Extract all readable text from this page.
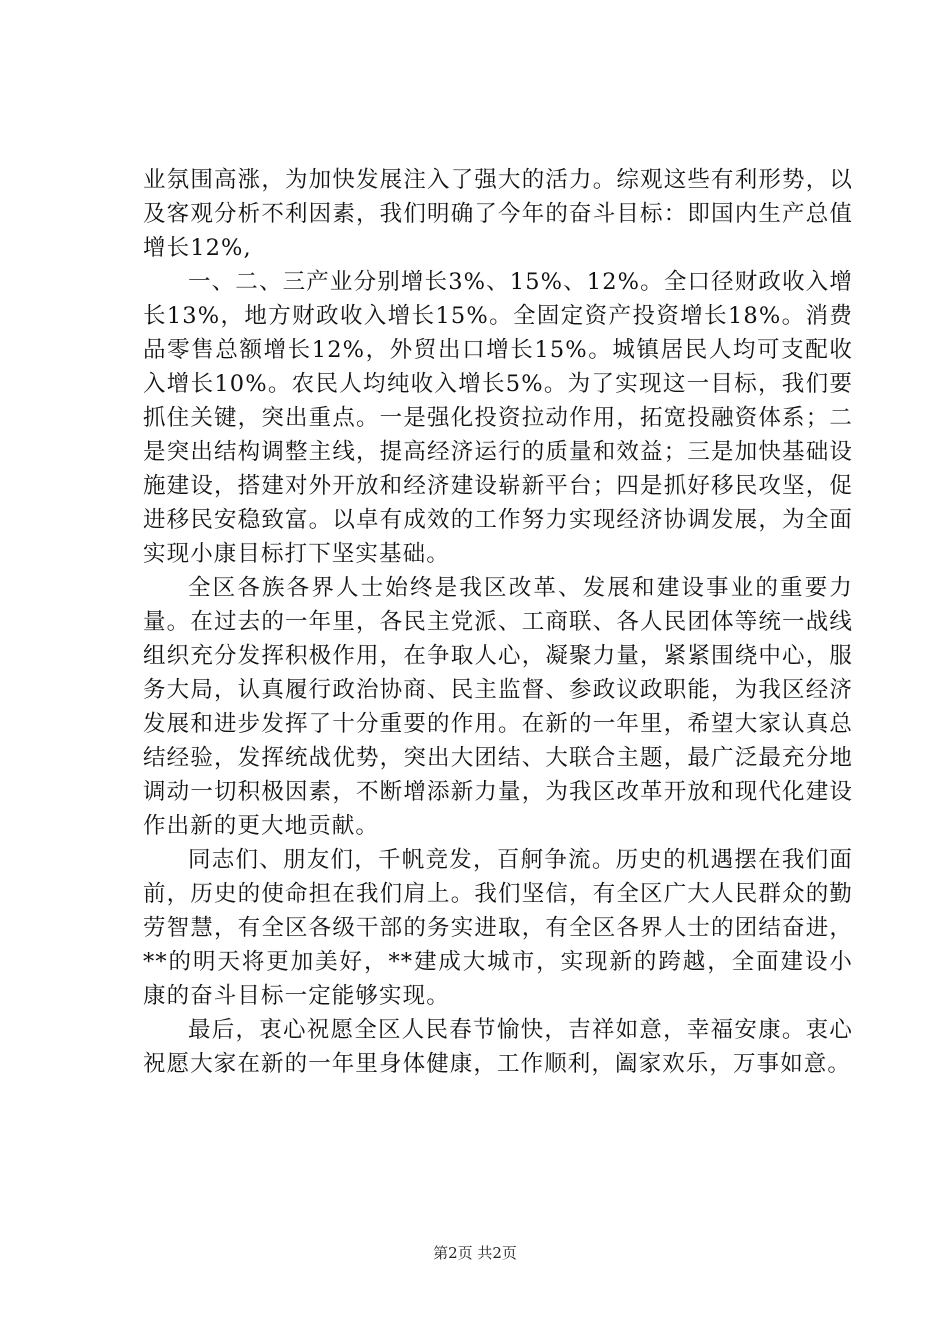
业氛围高涨，为加快发展注入了强大的活力。综观这些有利形势，以及客观分析不利因素，我们明确了今年的奋斗目标：即国内生产总值增长12%,

一、二、三产业分别增长3%、15%、12%。全口径财政收入增长13%，地方财政收入增长15%。全固定资产投资增长18%。消费品零售总额增长12%，外贸出口增长15%。城镇居民人均可支配收入增长10%。农民人均纯收入增长5%。为了实现这一目标，我们要抓住关键，突出重点。一是强化投资拉动作用，拓宽投融资体系；二是突出结构调整主线，提高经济运行的质量和效益；三是加快基础设施建设，搭建对外开放和经济建设崭新平台；四是抓好移民攻坚，促进移民安稳致富。以卓有成效的工作努力实现经济协调发展，为全面实现小康目标打下坚实基础。

全区各族各界人士始终是我区改革、发展和建设事业的重要力量。在过去的一年里，各民主党派、工商联、各人民团体等统一战线组织充分发挥积极作用，在争取人心，凝聚力量，紧紧围绕中心，服务大局，认真履行政治协商、民主监督、参政议政职能，为我区经济发展和进步发挥了十分重要的作用。在新的一年里，希望大家认真总结经验，发挥统战优势，突出大团结、大联合主题，最广泛最充分地调动一切积极因素，不断增添新力量，为我区改革开放和现代化建设作出新的更大地贡献。

同志们、朋友们，千帆竞发，百舸争流。历史的机遇摆在我们面前，历史的使命担在我们肩上。我们坚信，有全区广大人民群众的勤劳智慧，有全区各级干部的务实进取，有全区各界人士的团结奋进，**的明天将更加美好，**建成大城市，实现新的跨越，全面建设小康的奋斗目标一定能够实现。

最后，衷心祝愿全区人民春节愉快，吉祥如意，幸福安康。衷心祝愿大家在新的一年里身体健康，工作顺利，阖家欢乐，万事如意。

第2页 共2页
